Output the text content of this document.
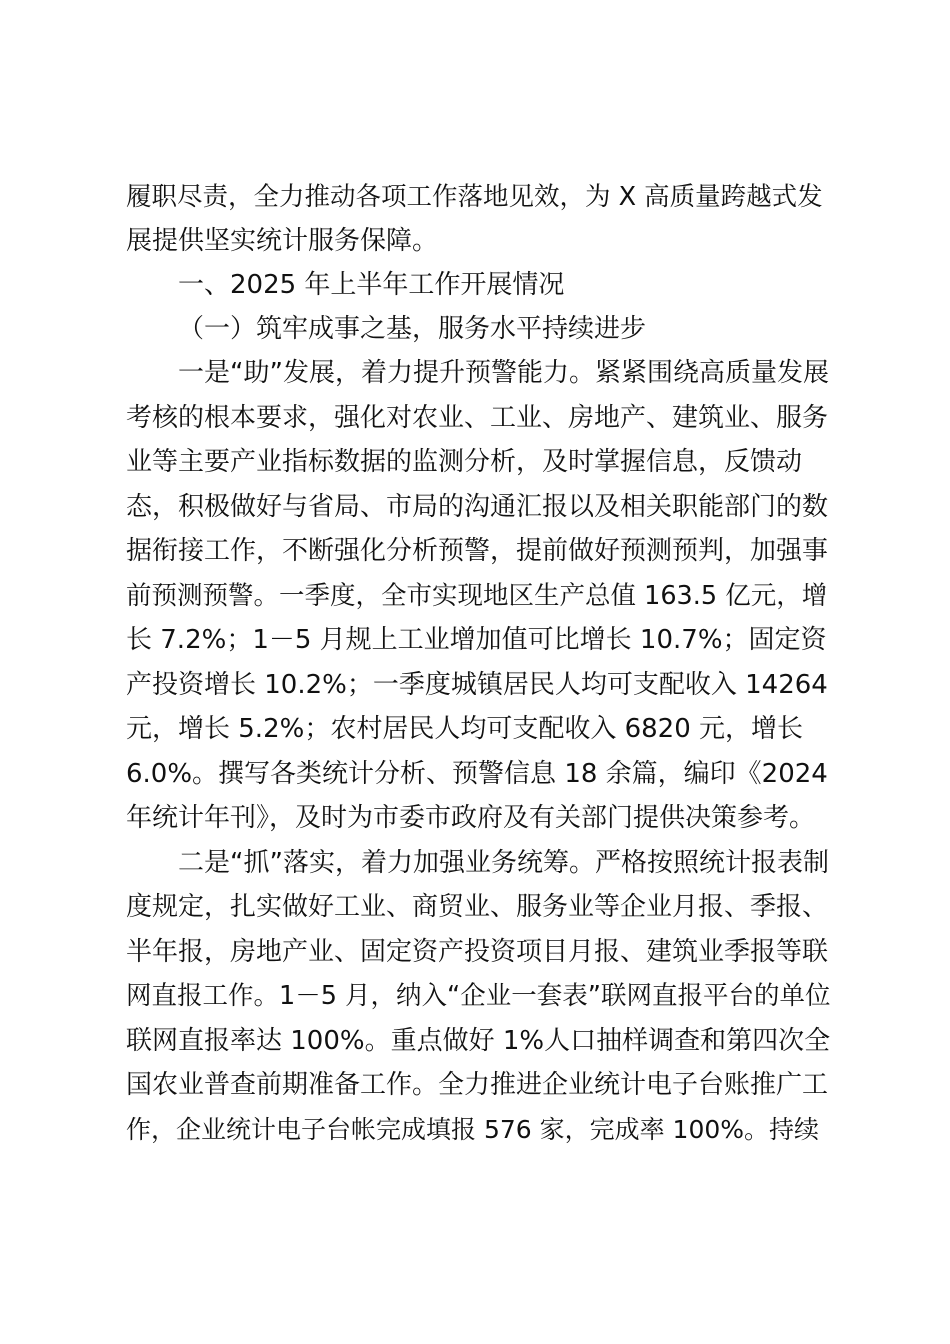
履职尽责，全力推动各项工作落地见效，为 X 高质量跨越式发
展提供坚实统计服务保障。
一、2025 年上半年工作开展情况
（一）筑牢成事之基，服务水平持续进步
一是“助”发展，着力提升预警能力。紧紧围绕高质量发展
考核的根本要求，强化对农业、工业、房地产、建筑业、服务
业等主要产业指标数据的监测分析，及时掌握信息，反馈动
态，积极做好与省局、市局的沟通汇报以及相关职能部门的数
据衔接工作，不断强化分析预警，提前做好预测预判，加强事
前预测预警。一季度，全市实现地区生产总值 163.5 亿元，增
长 7.2%；1－5 月规上工业增加值可比增长 10.7%；固定资
产投资增长 10.2%；一季度城镇居民人均可支配收入 14264
元，增长 5.2%；农村居民人均可支配收入 6820 元，增长
6.0%。撰写各类统计分析、预警信息 18 余篇，编印《2024
年统计年刊》，及时为市委市政府及有关部门提供决策参考。
二是“抓”落实，着力加强业务统筹。严格按照统计报表制
度规定，扎实做好工业、商贸业、服务业等企业月报、季报、
半年报，房地产业、固定资产投资项目月报、建筑业季报等联
网直报工作。1－5 月，纳入“企业一套表”联网直报平台的单位
联网直报率达 100%。重点做好 1%人口抽样调查和第四次全
国农业普查前期准备工作。全力推进企业统计电子台账推广工
作，企业统计电子台帐完成填报 576 家，完成率 100%。持续
